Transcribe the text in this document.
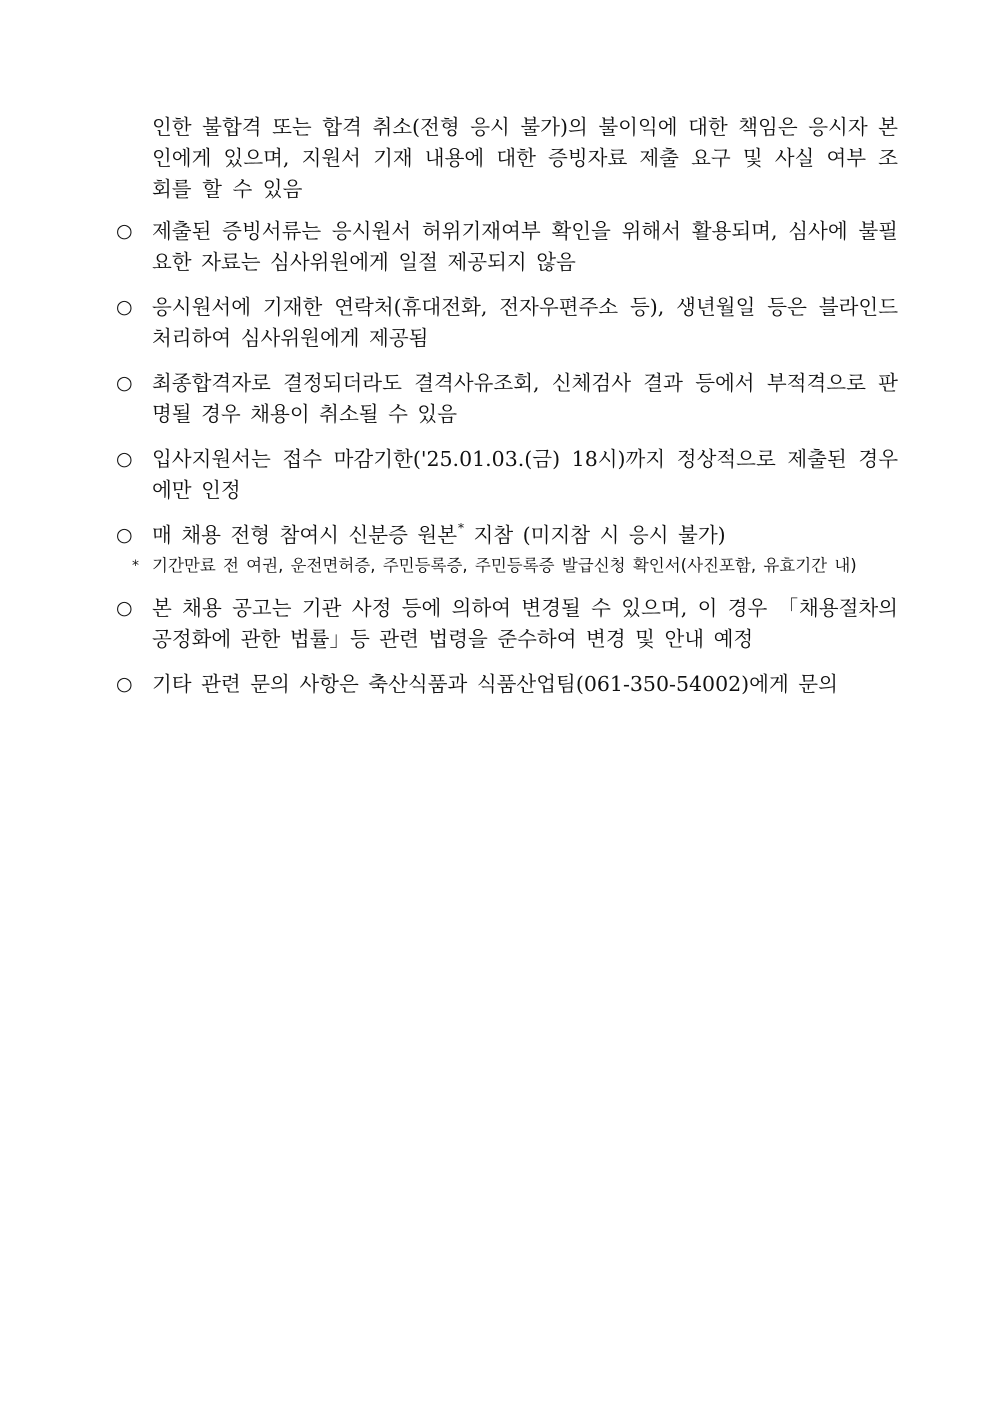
인한 불합격 또는 합격 취소(전형 응시 불가)의 불이익에 대한 책임은 응시자 본인에게 있으며, 지원서 기재 내용에 대한 증빙자료 제출 요구 및 사실 여부 조회를 할 수 있음

○ 제출된 증빙서류는 응시원서 허위기재여부 확인을 위해서 활용되며, 심사에 불필요한 자료는 심사위원에게 일절 제공되지 않음
○ 응시원서에 기재한 연락처(휴대전화, 전자우편주소 등), 생년월일 등은 블라인드 처리하여 심사위원에게 제공됨
○ 최종합격자로 결정되더라도 결격사유조회, 신체검사 결과 등에서 부적격으로 판명될 경우 채용이 취소될 수 있음
○ 입사지원서는 접수 마감기한('25.01.03.(금) 18시)까지 정상적으로 제출된 경우에만 인정
○ 매 채용 전형 참여시 신분증 원본* 지참 (미지참 시 응시 불가)
* 기간만료 전 여권, 운전면허증, 주민등록증, 주민등록증 발급신청 확인서(사진포함, 유효기간 내)
○ 본 채용 공고는 기관 사정 등에 의하여 변경될 수 있으며, 이 경우 「채용절차의 공정화에 관한 법률」등 관련 법령을 준수하여 변경 및 안내 예정
○ 기타 관련 문의 사항은 축산식품과 식품산업팀(061-350-54002)에게 문의
